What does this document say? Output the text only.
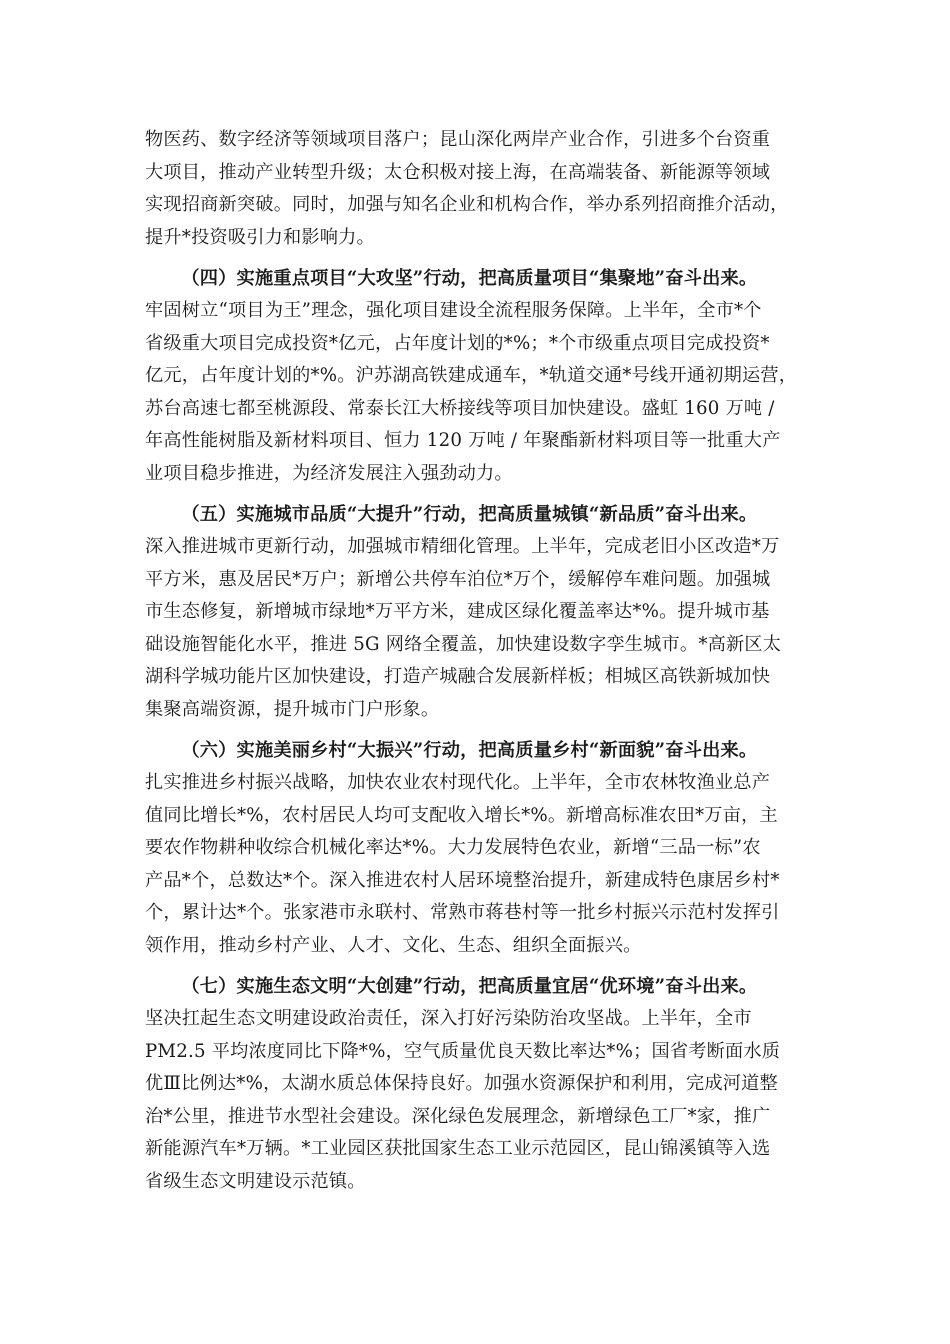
物医药、数字经济等领域项目落户；昆山深化两岸产业合作，引进多个台资重
大项目，推动产业转型升级；太仓积极对接上海，在高端装备、新能源等领域
实现招商新突破。同时，加强与知名企业和机构合作，举办系列招商推介活动，
提升*投资吸引力和影响力。
（四）实施重点项目“大攻坚”行动，把高质量项目“集聚地”奋斗出来。
牢固树立“项目为王”理念，强化项目建设全流程服务保障。上半年，全市*个
省级重大项目完成投资*亿元，占年度计划的*%；*个市级重点项目完成投资*
亿元，占年度计划的*%。沪苏湖高铁建成通车，*轨道交通*号线开通初期运营，
苏台高速七都至桃源段、常泰长江大桥接线等项目加快建设。盛虹 160 万吨 /
年高性能树脂及新材料项目、恒力 120 万吨 / 年聚酯新材料项目等一批重大产
业项目稳步推进，为经济发展注入强劲动力。
（五）实施城市品质“大提升”行动，把高质量城镇“新品质”奋斗出来。
深入推进城市更新行动，加强城市精细化管理。上半年，完成老旧小区改造*万
平方米，惠及居民*万户；新增公共停车泊位*万个，缓解停车难问题。加强城
市生态修复，新增城市绿地*万平方米，建成区绿化覆盖率达*%。提升城市基
础设施智能化水平，推进 5G 网络全覆盖，加快建设数字孪生城市。*高新区太
湖科学城功能片区加快建设，打造产城融合发展新样板；相城区高铁新城加快
集聚高端资源，提升城市门户形象。
（六）实施美丽乡村“大振兴”行动，把高质量乡村“新面貌”奋斗出来。
扎实推进乡村振兴战略，加快农业农村现代化。上半年，全市农林牧渔业总产
值同比增长*%，农村居民人均可支配收入增长*%。新增高标准农田*万亩，主
要农作物耕种收综合机械化率达*%。大力发展特色农业，新增“三品一标”农
产品*个，总数达*个。深入推进农村人居环境整治提升，新建成特色康居乡村*
个，累计达*个。张家港市永联村、常熟市蒋巷村等一批乡村振兴示范村发挥引
领作用，推动乡村产业、人才、文化、生态、组织全面振兴。
（七）实施生态文明“大创建”行动，把高质量宜居“优环境”奋斗出来。
坚决扛起生态文明建设政治责任，深入打好污染防治攻坚战。上半年，全市
PM2.5 平均浓度同比下降*%，空气质量优良天数比率达*%；国省考断面水质
优Ⅲ比例达*%，太湖水质总体保持良好。加强水资源保护和利用，完成河道整
治*公里，推进节水型社会建设。深化绿色发展理念，新增绿色工厂*家，推广
新能源汽车*万辆。*工业园区获批国家生态工业示范园区，昆山锦溪镇等入选
省级生态文明建设示范镇。
